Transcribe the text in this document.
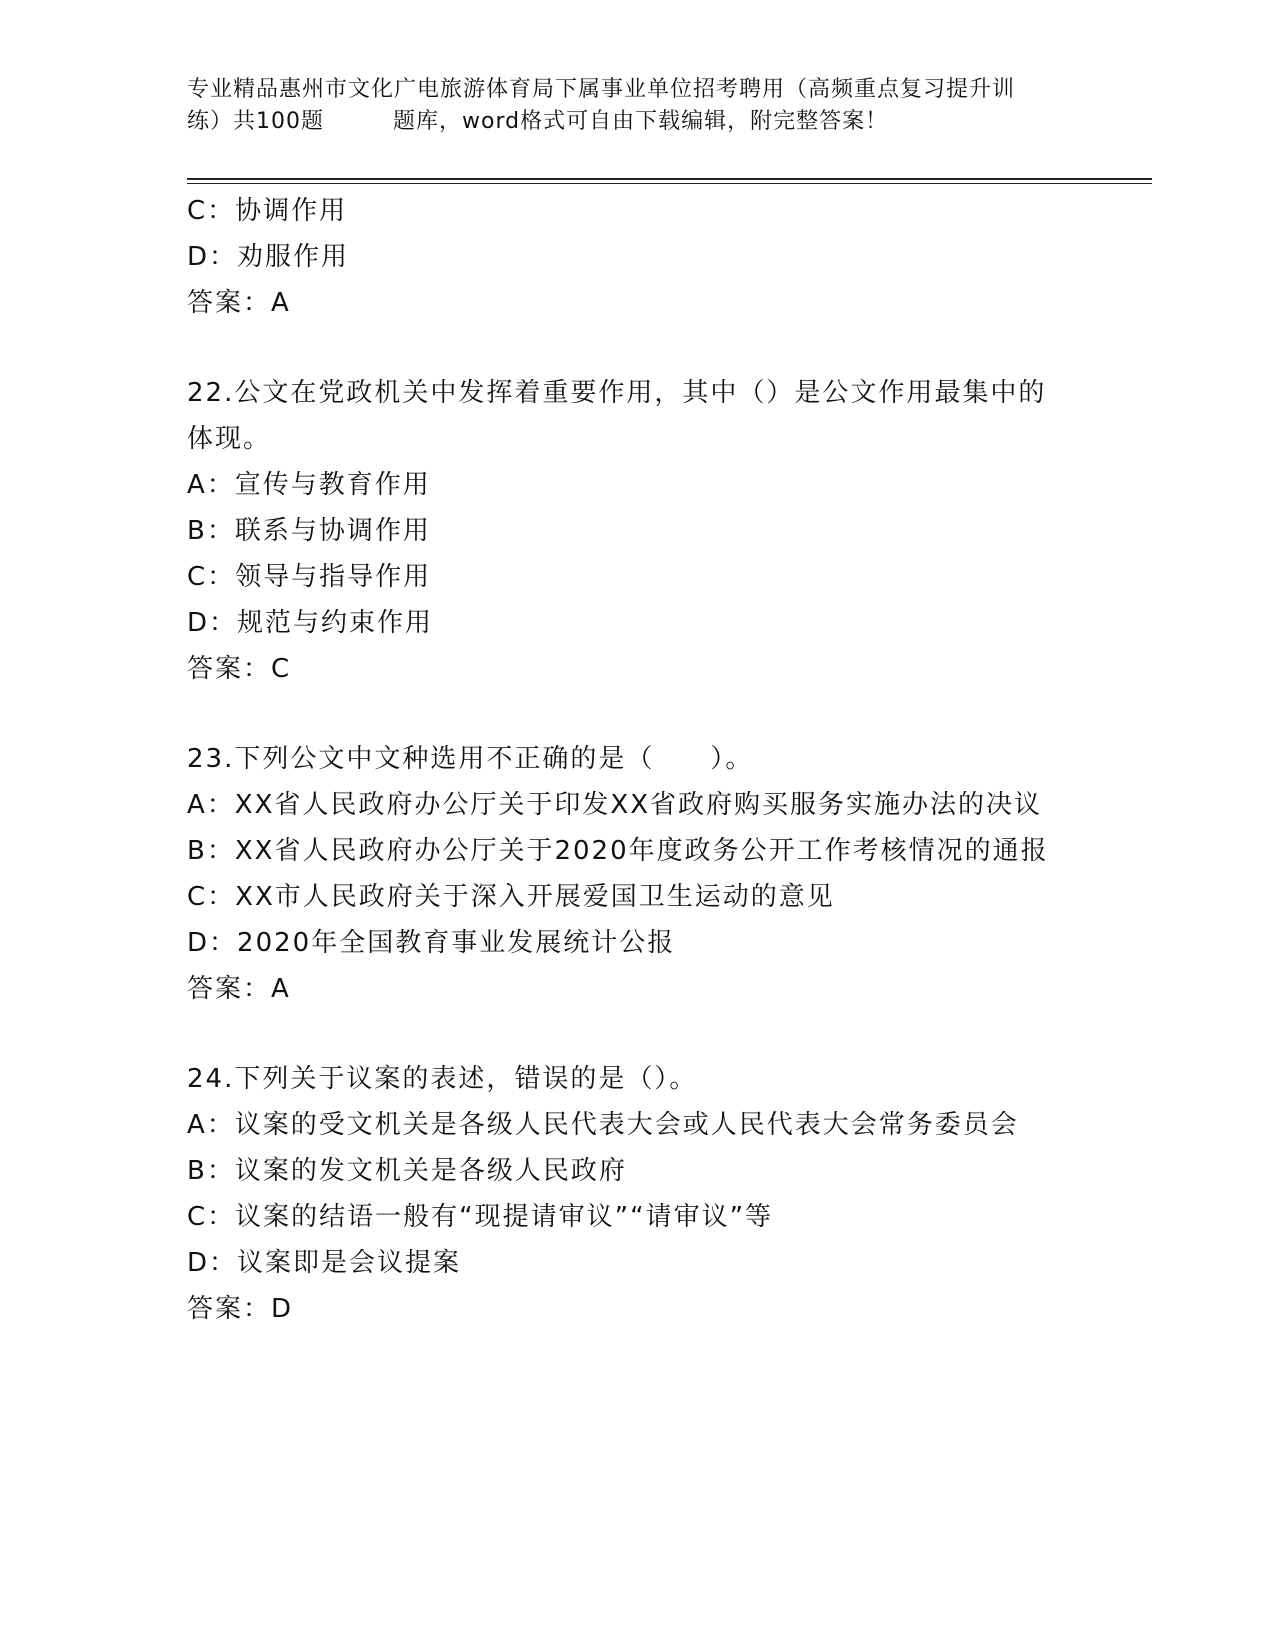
专业精品惠州市文化广电旅游体育局下属事业单位招考聘用（高频重点复习提升训
练）共100题　　　题库，word格式可自由下载编辑，附完整答案！
C：协调作用
D：劝服作用
答案：A
22.公文在党政机关中发挥着重要作用，其中（）是公文作用最集中的
体现。
A：宣传与教育作用
B：联系与协调作用
C：领导与指导作用
D：规范与约束作用
答案：C
23.下列公文中文种选用不正确的是（　　）。
A：XX省人民政府办公厅关于印发XX省政府购买服务实施办法的决议
B：XX省人民政府办公厅关于2020年度政务公开工作考核情况的通报
C：XX市人民政府关于深入开展爱国卫生运动的意见
D：2020年全国教育事业发展统计公报
答案：A
24.下列关于议案的表述，错误的是（）。
A：议案的受文机关是各级人民代表大会或人民代表大会常务委员会
B：议案的发文机关是各级人民政府
C：议案的结语一般有“现提请审议”“请审议”等
D：议案即是会议提案
答案：D
